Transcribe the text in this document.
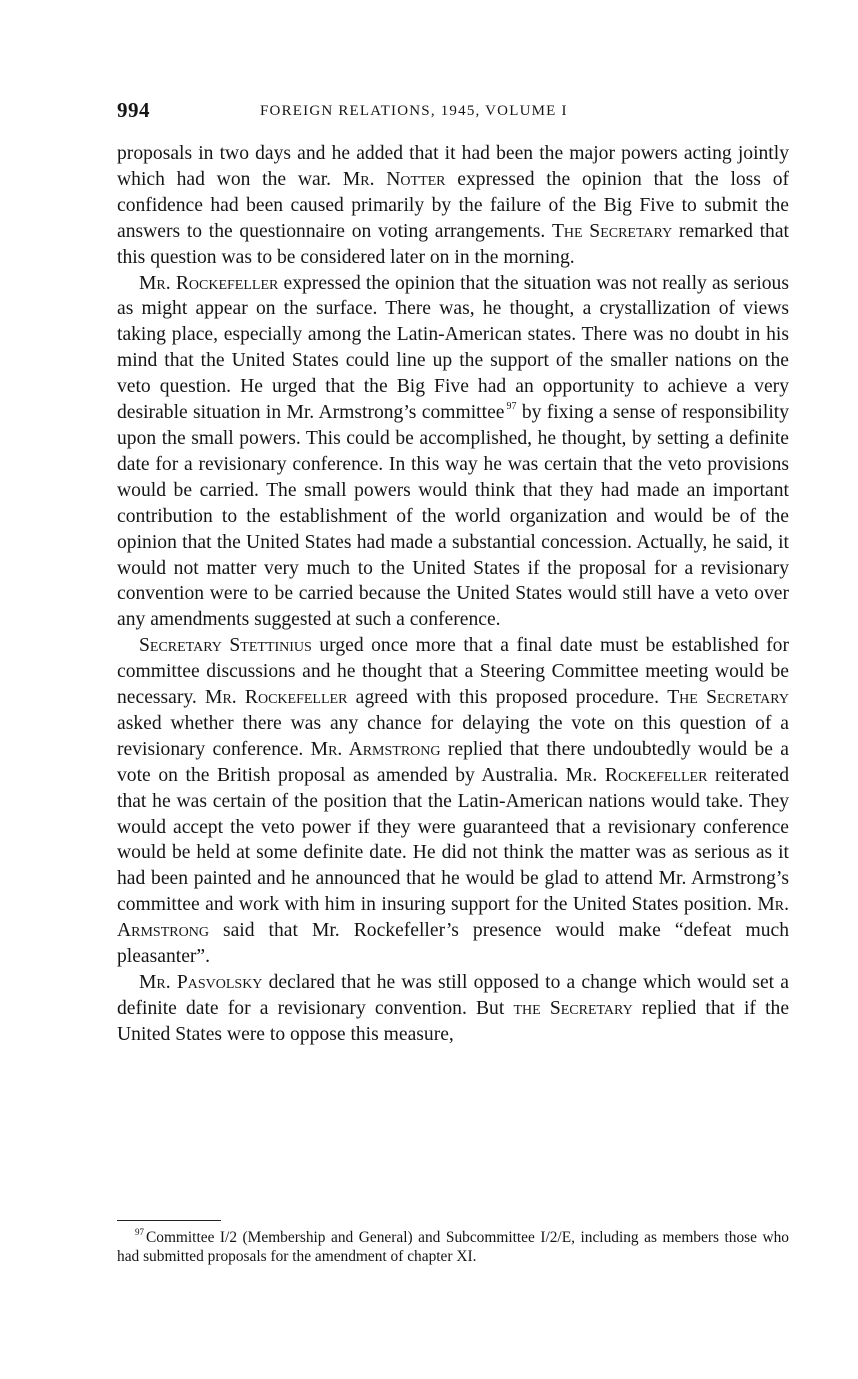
994	FOREIGN RELATIONS, 1945, VOLUME I

proposals in two days and he added that it had been the major powers acting jointly which had won the war. Mr. Notter expressed the opinion that the loss of confidence had been caused primarily by the failure of the Big Five to submit the answers to the questionnaire on voting arrangements. The Secretary remarked that this question was to be considered later on in the morning.

Mr. Rockefeller expressed the opinion that the situation was not really as serious as might appear on the surface. There was, he thought, a crystallization of views taking place, especially among the Latin-American states. There was no doubt in his mind that the United States could line up the support of the smaller nations on the veto question. He urged that the Big Five had an opportunity to achieve a very desirable situation in Mr. Armstrong’s committee $^{97}$ by fixing a sense of responsibility upon the small powers. This could be accomplished, he thought, by setting a definite date for a revisionary conference. In this way he was certain that the veto provisions would be carried. The small powers would think that they had made an important contribution to the establishment of the world organization and would be of the opinion that the United States had made a substantial concession. Actually, he said, it would not matter very much to the United States if the proposal for a revisionary convention were to be carried because the United States would still have a veto over any amendments suggested at such a conference.

Secretary Stettinius urged once more that a final date must be established for committee discussions and he thought that a Steering Committee meeting would be necessary. Mr. Rockefeller agreed with this proposed procedure. The Secretary asked whether there was any chance for delaying the vote on this question of a revisionary conference. Mr. Armstrong replied that there undoubtedly would be a vote on the British proposal as amended by Australia. Mr. Rockefeller reiterated that he was certain of the position that the Latin-American nations would take. They would accept the veto power if they were guaranteed that a revisionary conference would be held at some definite date. He did not think the matter was as serious as it had been painted and he announced that he would be glad to attend Mr. Armstrong’s committee and work with him in insuring support for the United States position. Mr. Armstrong said that Mr. Rockefeller’s presence would make “defeat much pleasanter”.

Mr. Pasvolsky declared that he was still opposed to a change which would set a definite date for a revisionary convention. But the Secretary replied that if the United States were to oppose this measure,

$^{97}$ Committee I/2 (Membership and General) and Subcommittee I/2/E, including as members those who had submitted proposals for the amendment of chapter XI.
